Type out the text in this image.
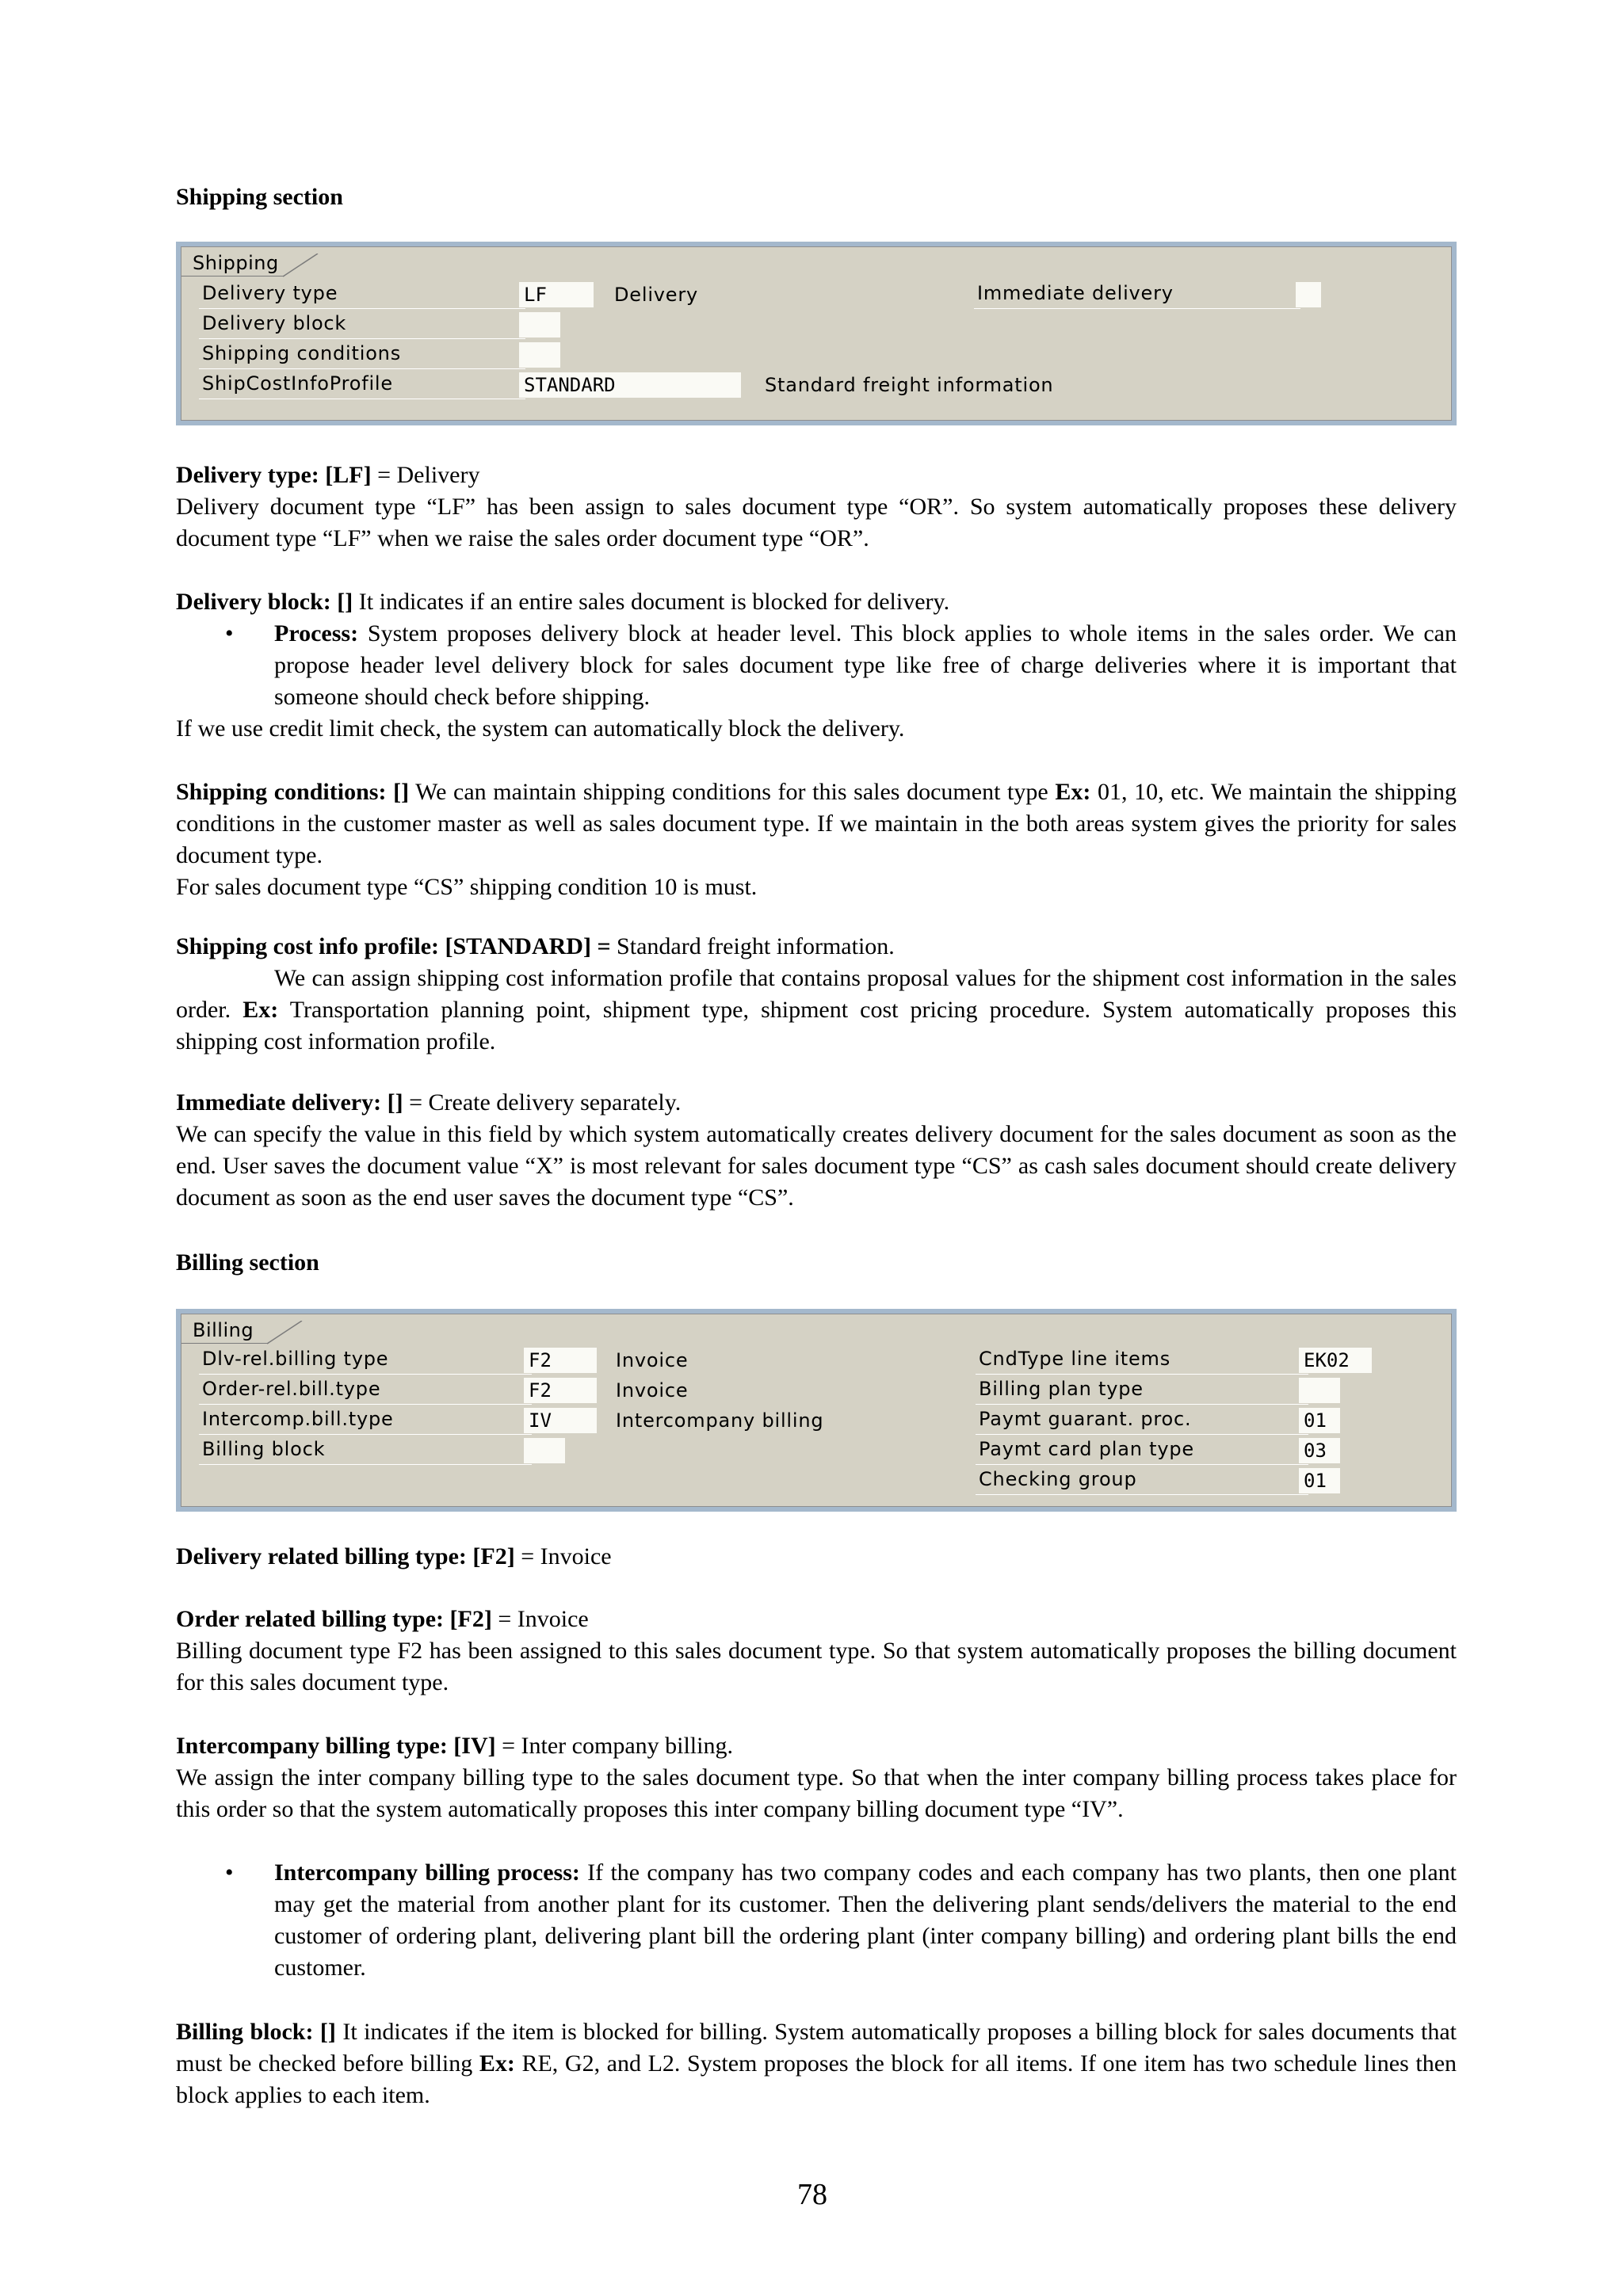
Shipping section
Shipping
Delivery type	LF	Delivery
Delivery block
Shipping conditions
ShipCostInfoProfile	STANDARD	Standard freight information
Immediate delivery
Delivery type: [LF] = Delivery
Delivery document type “LF” has been assign to sales document type “OR”. So system automatically proposes these delivery document type “LF” when we raise the sales order document type “OR”.
Delivery block: [] It indicates if an entire sales document is blocked for delivery.
• Process: System proposes delivery block at header level. This block applies to whole items in the sales order. We can propose header level delivery block for sales document type like free of charge deliveries where it is important that someone should check before shipping.
If we use credit limit check, the system can automatically block the delivery.
Shipping conditions: [] We can maintain shipping conditions for this sales document type Ex: 01, 10, etc. We maintain the shipping conditions in the customer master as well as sales document type. If we maintain in the both areas system gives the priority for sales document type.
For sales document type “CS” shipping condition 10 is must.
Shipping cost info profile: [STANDARD] = Standard freight information.
We can assign shipping cost information profile that contains proposal values for the shipment cost information in the sales order. Ex: Transportation planning point, shipment type, shipment cost pricing procedure. System automatically proposes this shipping cost information profile.
Immediate delivery: [] = Create delivery separately.
We can specify the value in this field by which system automatically creates delivery document for the sales document as soon as the end. User saves the document value “X” is most relevant for sales document type “CS” as cash sales document should create delivery document as soon as the end user saves the document type “CS”.
Billing section
Billing
Dlv-rel.billing type	F2	Invoice
Order-rel.bill.type	F2	Invoice
Intercomp.bill.type	IV	Intercompany billing
Billing block
CndType line items	EK02
Billing plan type
Paymt guarant. proc.	01
Paymt card plan type	03
Checking group	01
Delivery related billing type: [F2] = Invoice
Order related billing type: [F2] = Invoice
Billing document type F2 has been assigned to this sales document type. So that system automatically proposes the billing document for this sales document type.
Intercompany billing type: [IV] = Inter company billing.
We assign the inter company billing type to the sales document type. So that when the inter company billing process takes place for this order so that the system automatically proposes this inter company billing document type “IV”.
• Intercompany billing process: If the company has two company codes and each company has two plants, then one plant may get the material from another plant for its customer. Then the delivering plant sends/delivers the material to the end customer of ordering plant, delivering plant bill the ordering plant (inter company billing) and ordering plant bills the end customer.
Billing block: [] It indicates if the item is blocked for billing. System automatically proposes a billing block for sales documents that must be checked before billing Ex: RE, G2, and L2. System proposes the block for all items. If one item has two schedule lines then block applies to each item.
78
